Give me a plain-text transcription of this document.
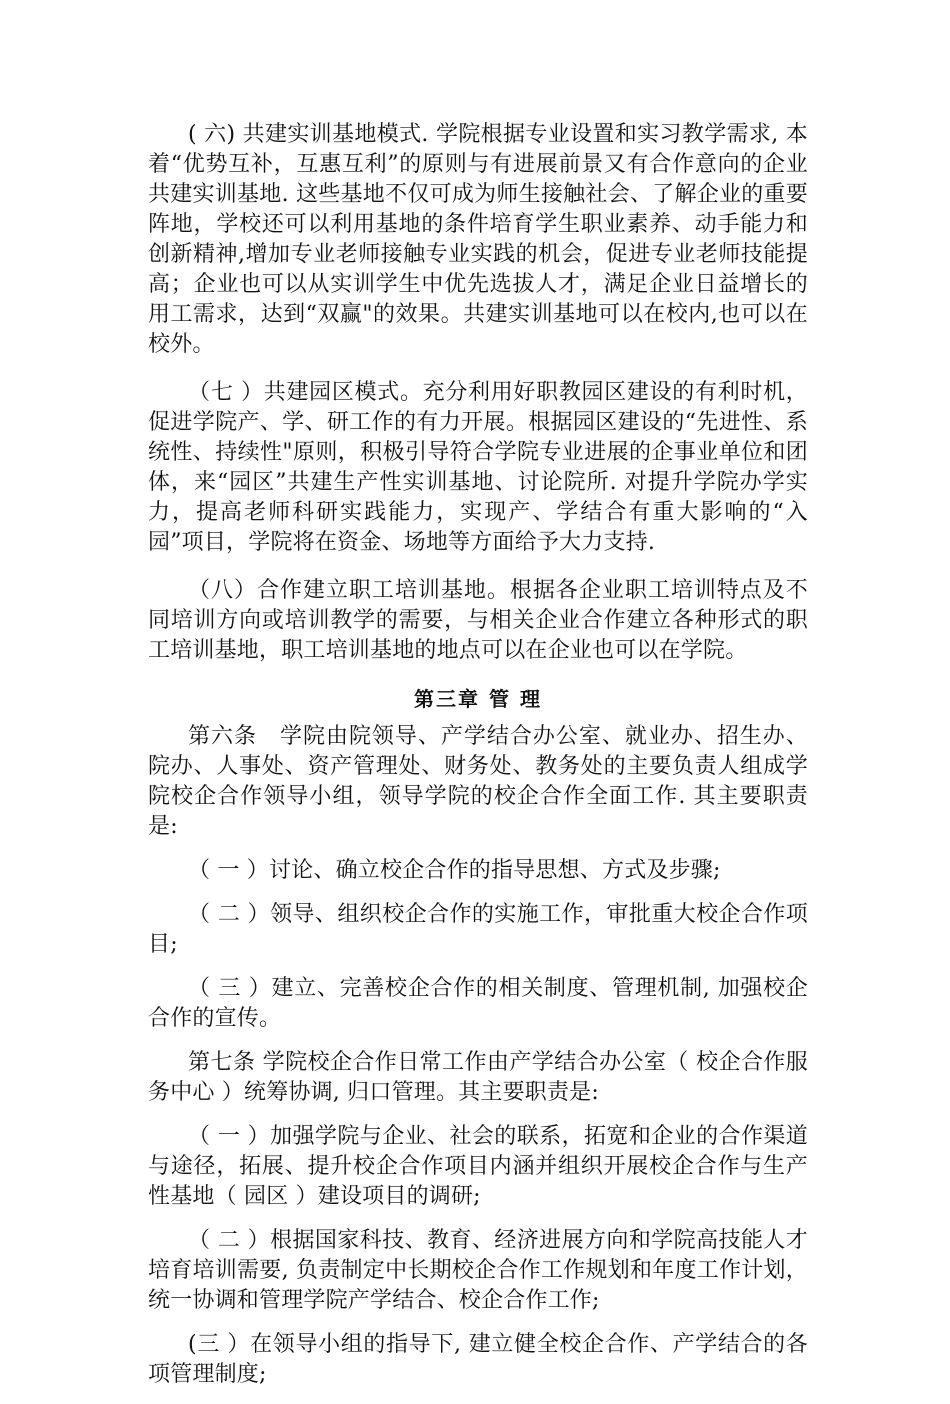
( 六) 共建实训基地模式. 学院根据专业设置和实习教学需求, 本着“优势互补，互惠互利”的原则与有进展前景又有合作意向的企业共建实训基地. 这些基地不仅可成为师生接触社会、了解企业的重要阵地，学校还可以利用基地的条件培育学生职业素养、动手能力和创新精神,增加专业老师接触专业实践的机会，促进专业老师技能提高；企业也可以从实训学生中优先选拔人才，满足企业日益增长的用工需求，达到“双赢"的效果。共建实训基地可以在校内,也可以在校外。

（七 ）共建园区模式。充分利用好职教园区建设的有利时机，促进学院产、学、研工作的有力开展。根据园区建设的“先进性、系统性、持续性"原则，积极引导符合学院专业进展的企事业单位和团体，来“园区”共建生产性实训基地、讨论院所. 对提升学院办学实力，提高老师科研实践能力，实现产、学结合有重大影响的“入园”项目，学院将在资金、场地等方面给予大力支持.

（八）合作建立职工培训基地。根据各企业职工培训特点及不同培训方向或培训教学的需要，与相关企业合作建立各种形式的职工培训基地，职工培训基地的地点可以在企业也可以在学院。

第三章 管 理

第六条　学院由院领导、产学结合办公室、就业办、招生办、院办、人事处、资产管理处、财务处、教务处的主要负责人组成学院校企合作领导小组，领导学院的校企合作全面工作. 其主要职责是:

（ 一 ）讨论、确立校企合作的指导思想、方式及步骤;

（ 二 ）领导、组织校企合作的实施工作，审批重大校企合作项目;

（ 三 ）建立、完善校企合作的相关制度、管理机制, 加强校企合作的宣传。

第七条 学院校企合作日常工作由产学结合办公室（ 校企合作服务中心 ）统筹协调, 归口管理。其主要职责是:

（ 一 ）加强学院与企业、社会的联系，拓宽和企业的合作渠道与途径，拓展、提升校企合作项目内涵并组织开展校企合作与生产性基地（ 园区 ）建设项目的调研;

（ 二 ）根据国家科技、教育、经济进展方向和学院高技能人才培育培训需要, 负责制定中长期校企合作工作规划和年度工作计划，统一协调和管理学院产学结合、校企合作工作;

(三 ）在领导小组的指导下, 建立健全校企合作、产学结合的各项管理制度;
